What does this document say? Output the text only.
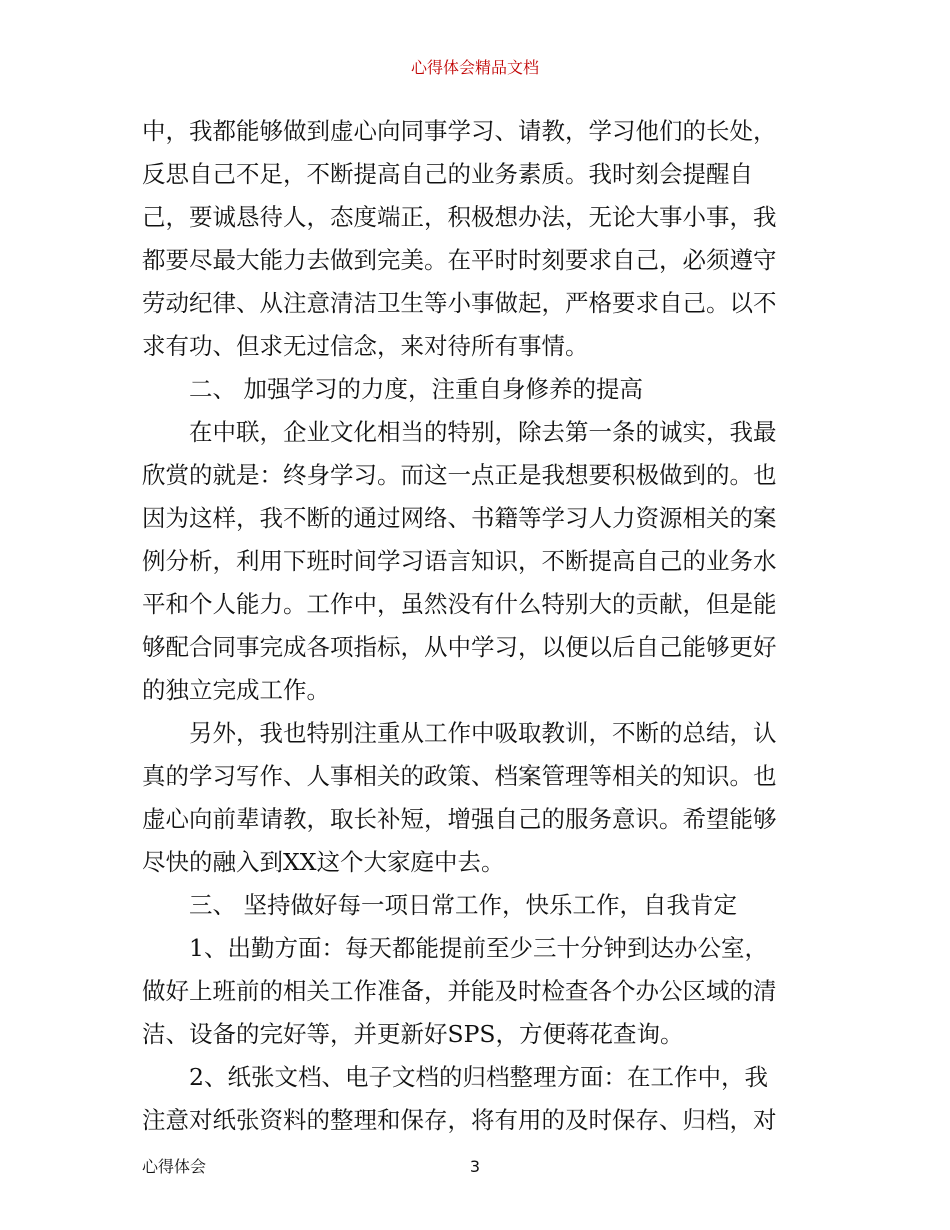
心得体会精品文档
中，我都能够做到虚心向同事学习、请教，学习他们的长处，
反思自己不足，不断提高自己的业务素质。我时刻会提醒自
己，要诚恳待人，态度端正，积极想办法，无论大事小事，我
都要尽最大能力去做到完美。在平时时刻要求自己，必须遵守
劳动纪律、从注意清洁卫生等小事做起，严格要求自己。以不
求有功、但求无过信念，来对待所有事情。
二、 加强学习的力度，注重自身修养的提高
在中联，企业文化相当的特别，除去第一条的诚实，我最
欣赏的就是：终身学习。而这一点正是我想要积极做到的。也
因为这样，我不断的通过网络、书籍等学习人力资源相关的案
例分析，利用下班时间学习语言知识，不断提高自己的业务水
平和个人能力。工作中，虽然没有什么特别大的贡献，但是能
够配合同事完成各项指标，从中学习，以便以后自己能够更好
的独立完成工作。
另外，我也特别注重从工作中吸取教训，不断的总结，认
真的学习写作、人事相关的政策、档案管理等相关的知识。也
虚心向前辈请教，取长补短，增强自己的服务意识。希望能够
尽快的融入到XX这个大家庭中去。
三、 坚持做好每一项日常工作，快乐工作，自我肯定
1、出勤方面：每天都能提前至少三十分钟到达办公室，
做好上班前的相关工作准备，并能及时检查各个办公区域的清
洁、设备的完好等，并更新好SPS，方便蒋花查询。
2、纸张文档、电子文档的归档整理方面：在工作中，我
注意对纸张资料的整理和保存，将有用的及时保存、归档，对
心得体会	3
